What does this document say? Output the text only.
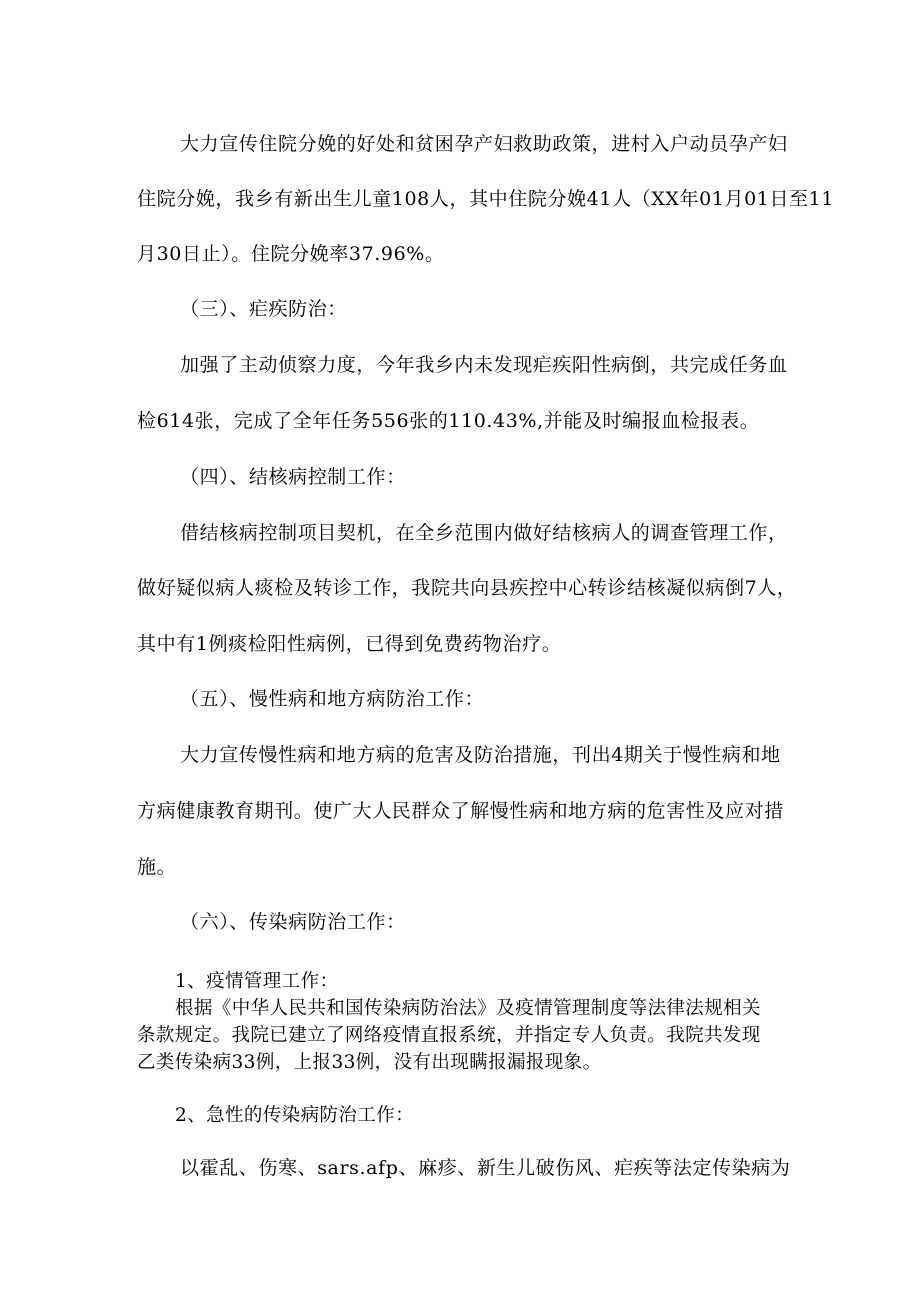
大力宣传住院分娩的好处和贫困孕产妇救助政策，进村入户动员孕产妇
住院分娩，我乡有新出生儿童108人，其中住院分娩41人（XX年01月01日至11
月30日止）。住院分娩率37.96%。
（三）、疟疾防治：
加强了主动侦察力度，今年我乡内未发现疟疾阳性病倒，共完成任务血
检614张，完成了全年任务556张的110.43%,并能及时编报血检报表。
（四）、结核病控制工作：
借结核病控制项目契机，在全乡范围内做好结核病人的调查管理工作，
做好疑似病人痰检及转诊工作，我院共向县疾控中心转诊结核凝似病倒7人，
其中有1例痰检阳性病例，已得到免费药物治疗。
（五）、慢性病和地方病防治工作：
大力宣传慢性病和地方病的危害及防治措施，刊出4期关于慢性病和地
方病健康教育期刊。使广大人民群众了解慢性病和地方病的危害性及应对措
施。
（六）、传染病防治工作：
1、疫情管理工作：
根据《中华人民共和国传染病防治法》及疫情管理制度等法律法规相关
条款规定。我院已建立了网络疫情直报系统，并指定专人负责。我院共发现
乙类传染病33例，上报33例，没有出现瞒报漏报现象。
2、急性的传染病防治工作：
以霍乱、伤寒、sars.afp、麻疹、新生儿破伤风、疟疾等法定传染病为
